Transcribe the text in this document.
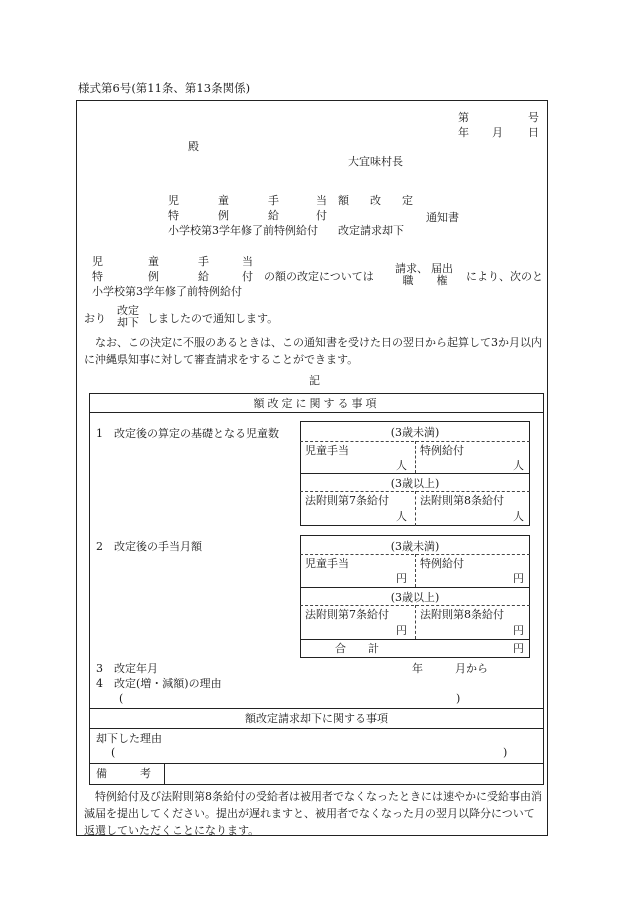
様式第6号(第11条、第13条関係)
第	号
年 月 日
殿
大宜味村長
児	童	手	当 額 改 定
特	例	給	付	通知書
小学校第3学年修了前特例給付 改定請求却下
児	童	手	当
特	例	給	付 の額の改定については
請求、
職
届出
権	により、次のと
小学校第3学年修了前特例給付
おり
改定
却下 しましたので通知します。
なお、この決定に不服のあるときは、この通知書を受けた日の翌日から起算して3か月以内に沖縄県知事に対して審査請求をすることができます。
記
額改定に関する事項
1　改定後の算定の基礎となる児童数	(3歳未満)
児童手当	特例給付
人	人
(3歳以上)
法附則第7条給付	法附則第8条給付
人	人
2　改定後の手当月額	(3歳未満)
児童手当	特例給付
円	円
(3歳以上)
法附則第7条給付	法附則第8条給付
円	円
合　　計	円
3　改定年月	年	月から
4　改定(増・減額)の理由
(	)
額改定請求却下に関する事項
却下した理由
(	)
備　　　考
特例給付及び法附則第8条給付の受給者は被用者でなくなったときには速やかに受給事由消滅届を提出してください。提出が遅れますと、被用者でなくなった月の翌月以降分について返還していただくことになります。
